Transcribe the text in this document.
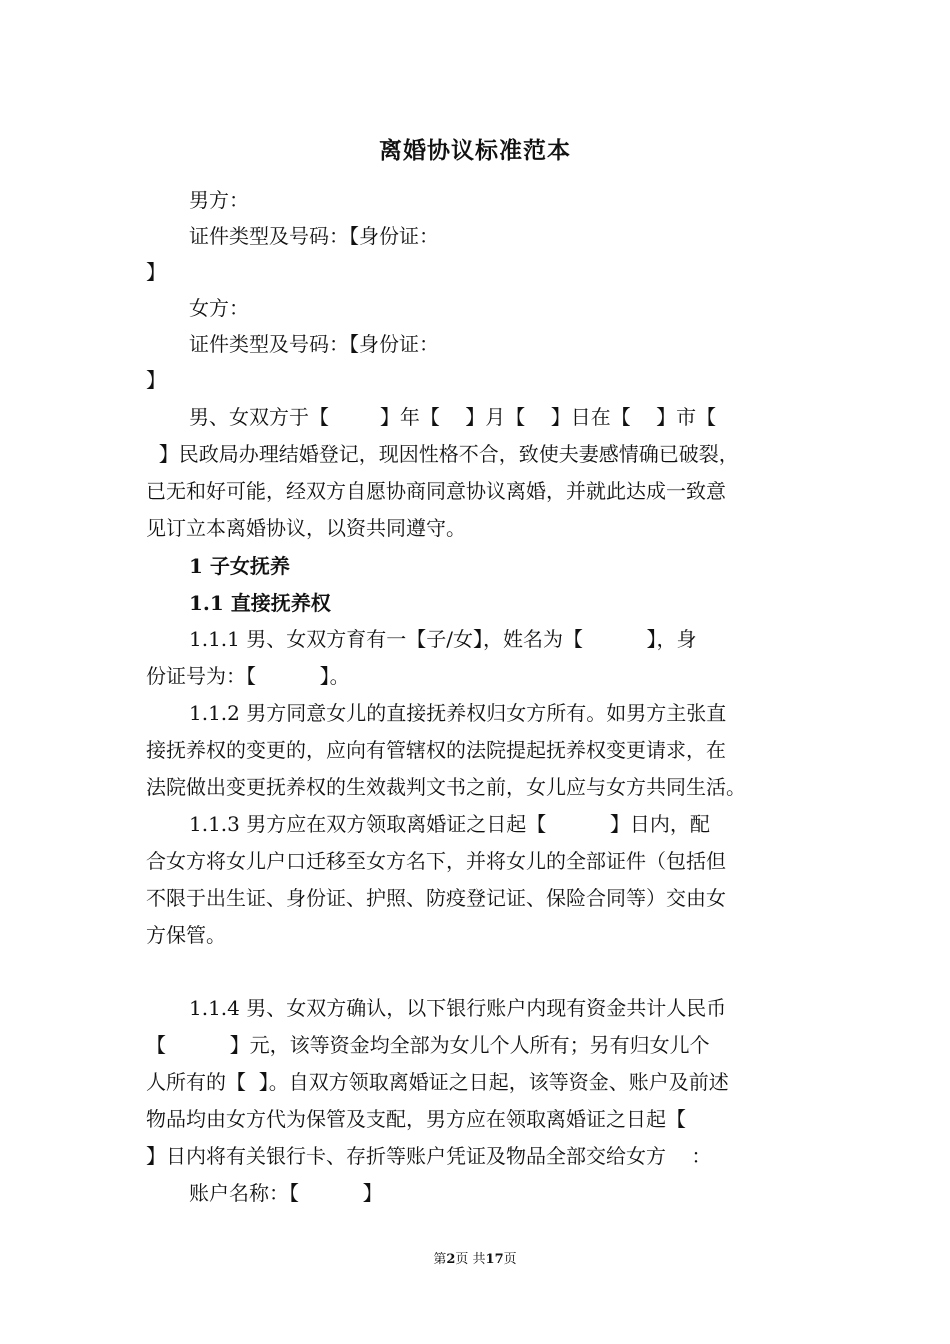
离婚协议标准范本

男方：

证件类型及号码：【身份证：

】

女方：

证件类型及号码：【身份证：

】

男、女双方于【        】年【    】月【    】日在【    】市【

】民政局办理结婚登记，现因性格不合，致使夫妻感情确已破裂，

已无和好可能，经双方自愿协商同意协议离婚，并就此达成一致意

见订立本离婚协议，以资共同遵守。

1 子女抚养

1.1 直接抚养权

1.1.1 男、女双方育有一【子/女】，姓名为【          】，身

份证号为：【          】。

1.1.2 男方同意女儿的直接抚养权归女方所有。如男方主张直

接抚养权的变更的，应向有管辖权的法院提起抚养权变更请求，在

法院做出变更抚养权的生效裁判文书之前，女儿应与女方共同生活。

1.1.3 男方应在双方领取离婚证之日起【          】日内，配

合女方将女儿户口迁移至女方名下，并将女儿的全部证件（包括但

不限于出生证、身份证、护照、防疫登记证、保险合同等）交由女

方保管。

1.1.4 男、女双方确认，以下银行账户内现有资金共计人民币

【          】元，该等资金均全部为女儿个人所有；另有归女儿个

人所有的【  】。自双方领取离婚证之日起，该等资金、账户及前述

物品均由女方代为保管及支配，男方应在领取离婚证之日起【

】日内将有关银行卡、存折等账户凭证及物品全部交给女方    ：

账户名称：【          】

第2页 共17页
